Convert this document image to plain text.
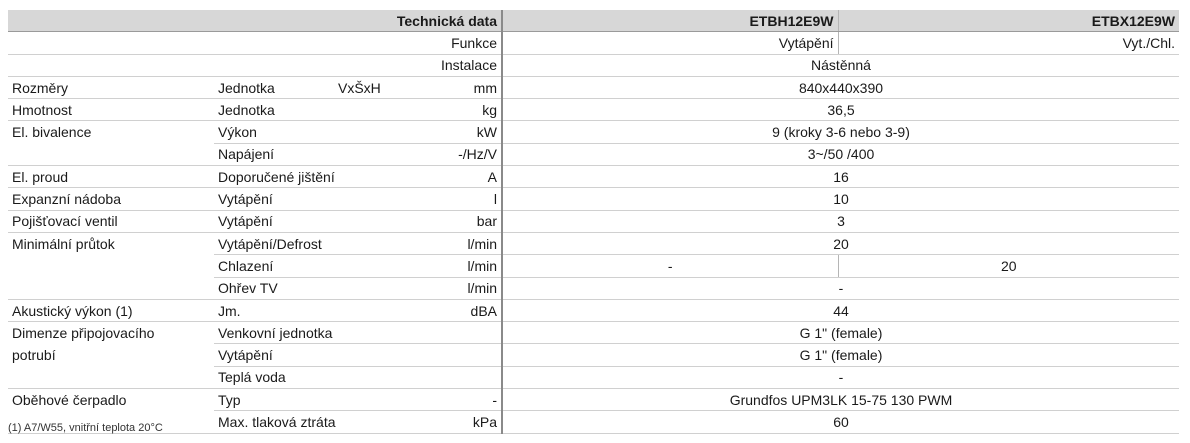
Technická data				ETBH12E9W	ETBX12E9W
Funkce				Vytápění	Vyt./Chl.
Instalace				Nástěnná	
Rozměry	Jednotka	VxŠxH	mm	840x440x390	
Hmotnost	Jednotka		kg	36,5	
El. bivalence	Výkon		kW	9 (kroky 3-6 nebo 3-9)	
	Napájení		-/Hz/V	3~/50 /400	
El. proud	Doporučené jištění		A	16	
Expanzní nádoba	Vytápění		l	10	
Pojišťovací ventil	Vytápění		bar	3	
Minimální průtok	Vytápění/Defrost		l/min	20	
	Chlazení		l/min	-	20
	Ohřev TV		l/min	-	
Akustický výkon (1)	Jm.		dBA	44	
Dimenze připojovacího	Venkovní jednotka			G 1" (female)	
potrubí	Vytápění			G 1" (female)	
	Teplá voda			-	
Oběhové čerpadlo	Typ		-	Grundfos UPM3LK 15-75 130 PWM	
	Max. tlaková ztráta		kPa	60	
(1) A7/W55, vnitřní teplota 20°C
